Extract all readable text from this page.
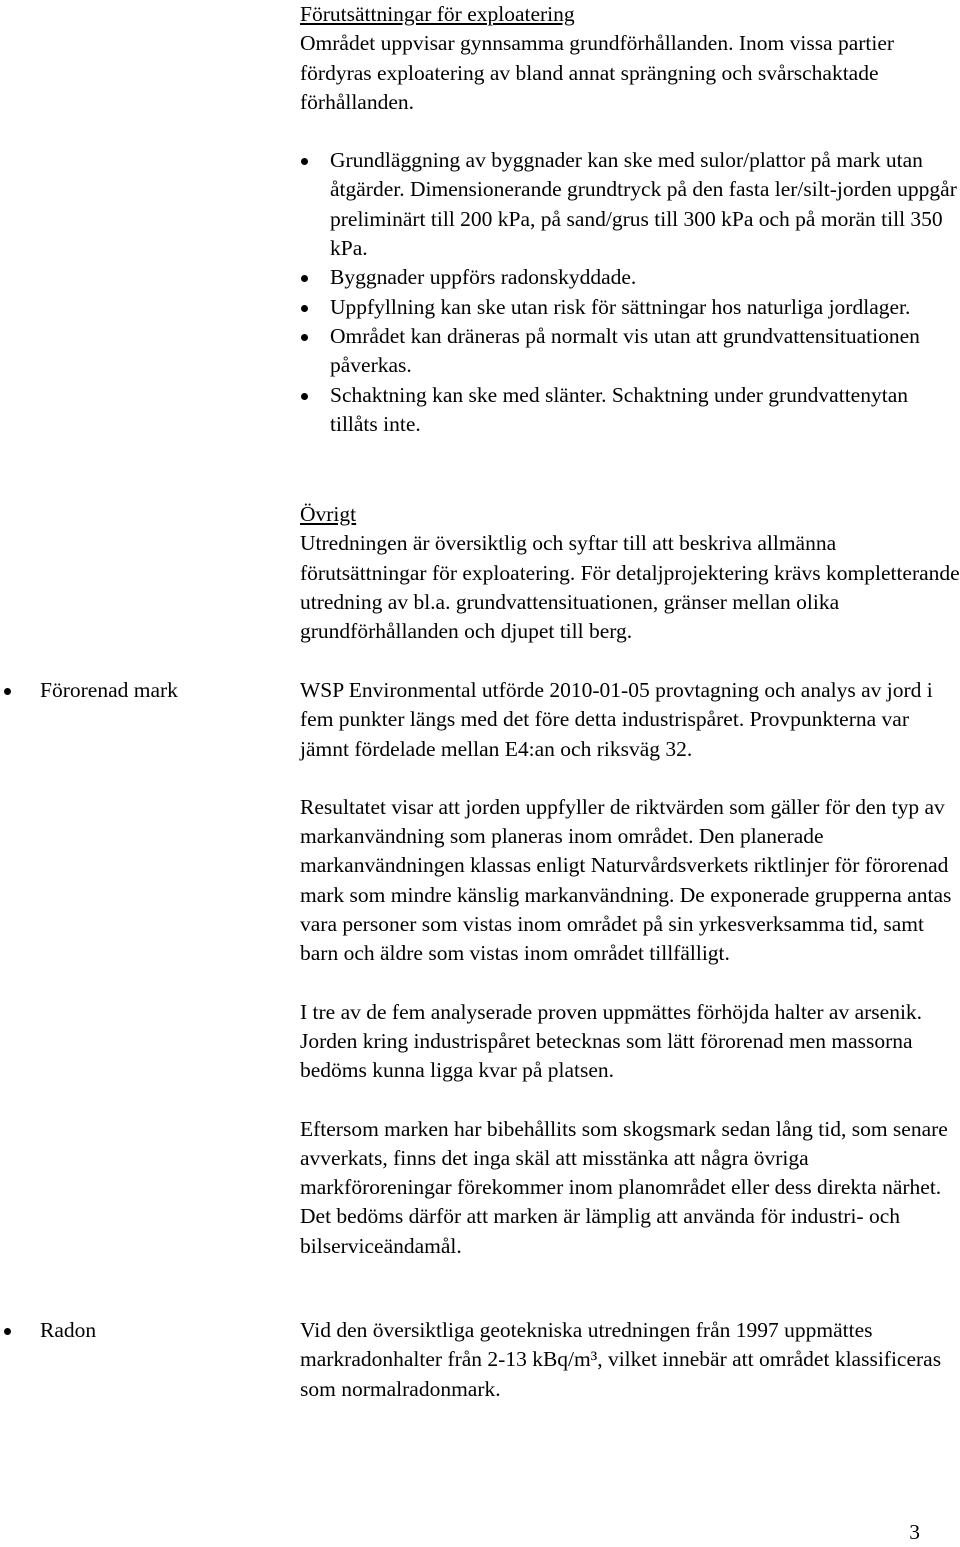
Förutsättningar för exploatering

Området uppvisar gynnsamma grundförhållanden. Inom vissa partier fördyras exploatering av bland annat sprängning och svårschaktade förhållanden.

Grundläggning av byggnader kan ske med sulor/plattor på mark utan åtgärder. Dimensionerande grundtryck på den fasta ler/silt-jorden uppgår preliminärt till 200 kPa, på sand/grus till 300 kPa och på morän till 350 kPa.
Byggnader uppförs radonskyddade.
Uppfyllning kan ske utan risk för sättningar hos naturliga jordlager.
Området kan dräneras på normalt vis utan att grundvattensituationen påverkas.
Schaktning kan ske med slänter. Schaktning under grundvattenytan tillåts inte.

Övrigt

Utredningen är översiktlig och syftar till att beskriva allmänna förutsättningar för exploatering. För detaljprojektering krävs kompletterande utredning av bl.a. grundvattensituationen, gränser mellan olika grundförhållanden och djupet till berg.

Förorenad mark	WSP Environmental utförde 2010-01-05 provtagning och analys av jord i fem punkter längs med det före detta industrispåret. Provpunkterna var jämnt fördelade mellan E4:an och riksväg 32.

Resultatet visar att jorden uppfyller de riktvärden som gäller för den typ av markanvändning som planeras inom området. Den planerade markanvändningen klassas enligt Naturvårdsverkets riktlinjer för förorenad mark som mindre känslig markanvändning. De exponerade grupperna antas vara personer som vistas inom området på sin yrkesverksamma tid, samt barn och äldre som vistas inom området tillfälligt.

I tre av de fem analyserade proven uppmättes förhöjda halter av arsenik. Jorden kring industrispåret betecknas som lätt förorenad men massorna bedöms kunna ligga kvar på platsen.

Eftersom marken har bibehållits som skogsmark sedan lång tid, som senare avverkats, finns det inga skäl att misstänka att några övriga markföroreningar förekommer inom planområdet eller dess direkta närhet. Det bedöms därför att marken är lämplig att använda för industri- och bilserviceändamål.

Radon	Vid den översiktliga geotekniska utredningen från 1997 uppmättes markradonhalter från 2-13 kBq/m³, vilket innebär att området klassificeras som normalradonmark.

3
